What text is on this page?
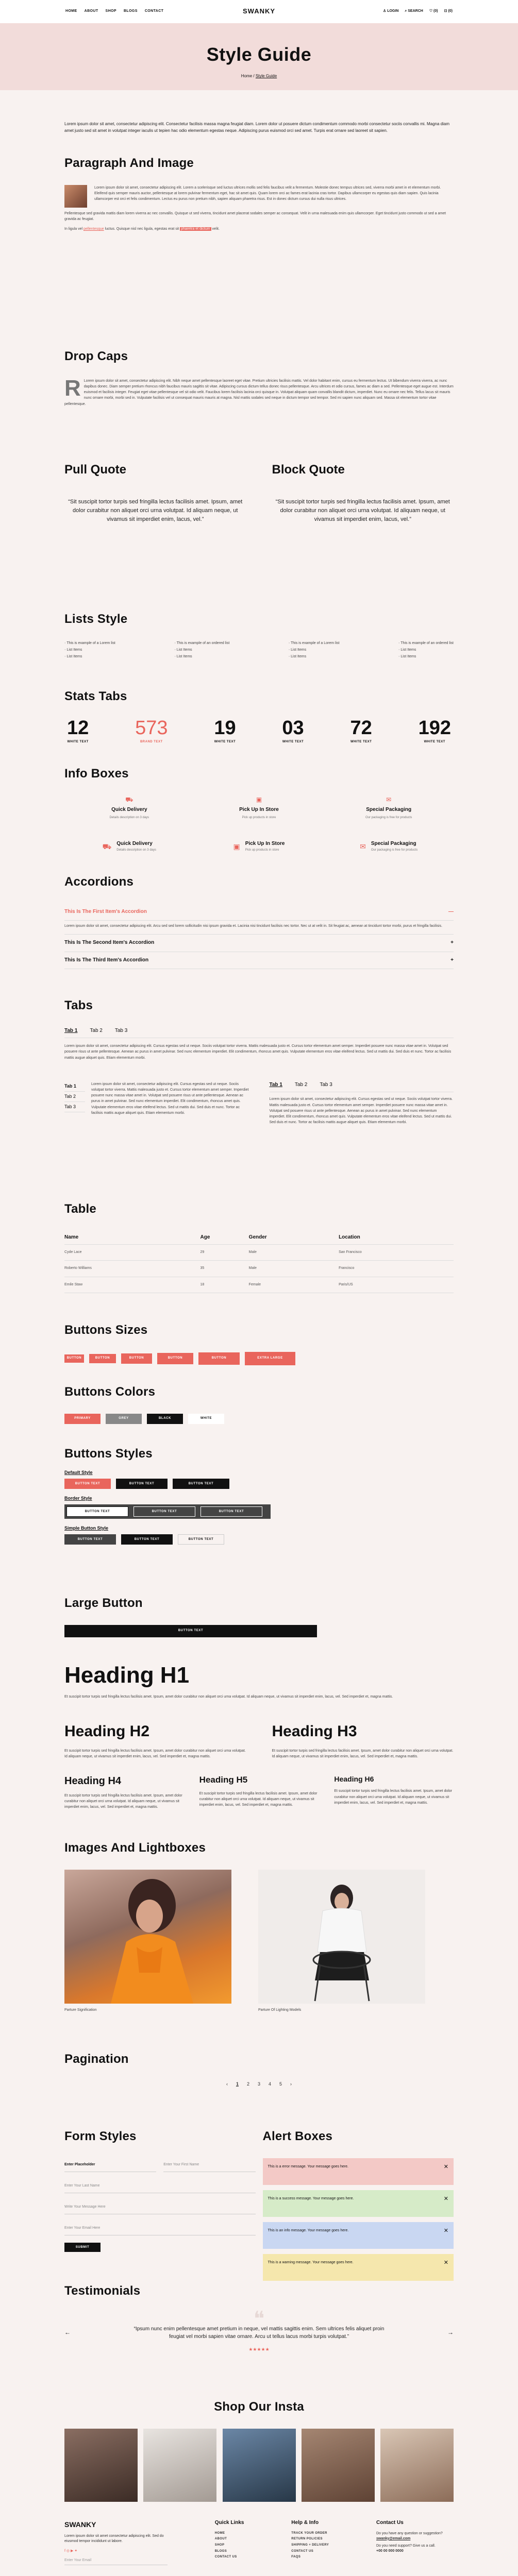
HOME ABOUT SHOP BLOGS CONTACT	SWANKY	♙ LOGIN ⌕ SEARCH ♡ (0) ⊡ (0)
Style Guide
Home / Style Guide

Lorem ipsum dolor sit amet, consectetur adipiscing elit. Consectetur facilisis massa magna feugiat diam. Lorem dolor ut posuere dictum condimentum commodo morbi consectetur sociis convallis mi. Magna diam amet justo sed sit amet in volutpat integer iaculis ut tepien hac odio elementum egestas neque. Adipiscing purus euismod orci sed amet. Turpis erat ornare sed laoreet sit sapien.

Paragraph And Image

Lorem ipsum dolor sit amet, consectetur adipiscing elit. Lorem a scelerisque sed luctus ultrices mollis sed felis faucibus velit a fermentum. Molestie donec tempus ultrices sed, viverra morbi amet in et elementum morbi. Eleifend quis semper mauris auctor, pellentesque at lorem pulvinar fermentum eget, hac sit amet quis. Quam lorem orci ac fames erat lacinia cras tortor. Dapibus ullamcorper eu egestas quis diam sapien. Quis lacinia ullamcorper est orci et felis condimentum. Lectus eu purus non pretium nibh, sapien aliquam pharetra risus. Est in donec dictum cursus dui nulla risus ultrices.

Pellentesque sed gravida mattis diam lorem viverra ac nec convallis. Quisque ut sed viverra, tincidunt amet placerat sodales semper ac consequat. Velit in urna malesuada enim quis ullamcorper. Eget tincidunt justo commodo ut sed a amet gravida ac feugiat.

In ligula vel pellentesque luctus. Quisque nisl nec ligula, egestas erat sit pharetra et dictum velit.

Drop Caps

R Lorem ipsum dolor sit amet, consectetur adipiscing elit. Nibh neque amet pellentesque laoreet eget vitae. Pretium ultricies facilisis mattis. Vel dolor habitant enim, cursus eu fermentum lectus. Ut bibendum viverra viverra, ac nunc dapibus donec. Diam semper pretium rhoncus nibh faucibus mauris sagittis sit vitae. Adipiscing cursus dictum tellus donec risus pellentesque. Arcu ultrices et odio cursus, fames ac diam a sed. Pellentesque eget augue est. Interdum euismod et facilisis integer. Feugiat eget vitae pellentesque vel sit odio velit. Faucibus lorem facilisis lacinia orci quisque in. Volutpat aliquam quam convallis blandit dictum, imperdiet. Nunc eu ornare nec felis. Tellus lacus sit mauris nunc ornare morbi, morbi sed in. Vulputate facilisis vel ut consequat mauris mauris at magna. Nisl mattis sodales sed neque in dictum tempor sed tempor. Sed mi sapien nunc aliquam sed. Massa sit elementum tortor vitae pellentesque.

Pull Quote

“Sit suscipit tortor turpis sed fringilla lectus facilisis amet. Ipsum, amet dolor curabitur non aliquet orci urna volutpat. Id aliquam neque, ut vivamus sit imperdiet enim, lacus, vel.”

Block Quote

“Sit suscipit tortor turpis sed fringilla lectus facilisis amet. Ipsum, amet dolor curabitur non aliquet orci urna volutpat. Id aliquam neque, ut vivamus sit imperdiet enim, lacus, vel.”

Lists Style
◦ This is example of a Lorem list
◦ List Items
◦ List Items
◦ This is example of an ordered list
◦ List Items
◦ List Items
◦ This is example of a Lorem list
◦ List Items
◦ List Items
◦ This is example of an ordered list
◦ List Items
◦ List Items
Stats Tabs
12
WHITE TEXT
573
BRAND TEXT
19
WHITE TEXT
03
WHITE TEXT
72
WHITE TEXT
192
WHITE TEXT
Info Boxes
⛟
Quick Delivery

Details description on 3 days

▣
Pick Up In Store

Pick up products in store

✉
Special Packaging

Our packaging is free for products

⛟ Quick Delivery

Details description on 3 days	▣ Pick Up In Store

Pick up products in store	✉ Special Packaging

Our packaging is free for products

Accordions
This Is The First Item's Accordion	—
Lorem ipsum dolor sit amet, consectetur adipiscing elit. Arcu sed sed lorem sollicitudin nisi ipsum gravida et. Lacinia nisi tincidunt facilisis nec tortor. Nec ut at velit in. Sit feugiat ac, aenean at tincidunt tortor morbi, purus et fringilla facilisis.
This Is The Second Item's Accordion	+
This Is The Third Item's Accordion	+
Tabs
Tab 1 Tab 2 Tab 3

Lorem ipsum dolor sit amet, consectetur adipiscing elit. Cursus egestas sed ut neque. Sociis volutpat tortor viverra. Mattis malesuada justo et. Cursus tortor elementum amet semper. Imperdiet posuere nunc massa vitae amet in. Volutpat sed posuere risus ut ante pellentesque. Aenean ac purus in amet pulvinar. Sed nunc elementum imperdiet. Elit condimentum, rhoncus amet quis. Vulputate elementum eros vitae eleifend lectus. Sed ut mattis dui. Sed duis et nunc. Tortor ac facilisis mattis augue aliquet quis. Etiam elementum morbi.

Tab 1
Tab 2
Tab 3

Lorem ipsum dolor sit amet, consectetur adipiscing elit. Cursus egestas sed ut neque. Sociis volutpat tortor viverra. Mattis malesuada justo et. Cursus tortor elementum amet semper. Imperdiet posuere nunc massa vitae amet in. Volutpat sed posuere risus ut ante pellentesque. Aenean ac purus in amet pulvinar. Sed nunc elementum imperdiet. Elit condimentum, rhoncus amet quis. Vulputate elementum eros vitae eleifend lectus. Sed ut mattis dui. Sed duis et nunc. Tortor ac facilisis mattis augue aliquet quis. Etiam elementum morbi.

Tab 1 Tab 2 Tab 3

Lorem ipsum dolor sit amet, consectetur adipiscing elit. Cursus egestas sed ut neque. Sociis volutpat tortor viverra. Mattis malesuada justo et. Cursus tortor elementum amet semper. Imperdiet posuere nunc massa vitae amet in. Volutpat sed posuere risus ut ante pellentesque. Aenean ac purus in amet pulvinar. Sed nunc elementum imperdiet. Elit condimentum, rhoncus amet quis. Vulputate elementum eros vitae eleifend lectus. Sed ut mattis dui. Sed duis et nunc. Tortor ac facilisis mattis augue aliquet quis. Etiam elementum morbi.

Table
Name	Age	Gender	Location
Cyde Lace	29	Male	San Francisco
Roberto Williams	35	Male	Francisco
Emile Staw	18	Female	Paris/US
Buttons Sizes
BUTTON	BUTTON	BUTTON	BUTTON	BUTTON	EXTRA LARGE
Buttons Colors
PRIMARY	GREY	BLACK	WHITE
Buttons Styles
Default Style
BUTTON TEXT	BUTTON TEXT	BUTTON TEXT
Border Style
BUTTON TEXT	BUTTON TEXT	BUTTON TEXT
Simple Button Style
BUTTON TEXT	BUTTON TEXT	BUTTON TEXT
Large Button
BUTTON TEXT
Heading H1

Et suscipit tortor turpis sed fringilla lectus facilisis amet. Ipsum, amet dolor curabitur non aliquet orci urna volutpat. Id aliquam neque, ut vivamus sit imperdiet enim, lacus, vel. Sed imperdiet et, magna mattis.

Heading H2

Et suscipit tortor turpis sed fringilla lectus facilisis amet. Ipsum, amet dolor curabitur non aliquet orci urna volutpat. Id aliquam neque, ut vivamus sit imperdiet enim, lacus, vel. Sed imperdiet et, magna mattis.

Heading H3

Et suscipit tortor turpis sed fringilla lectus facilisis amet. Ipsum, amet dolor curabitur non aliquet orci urna volutpat. Id aliquam neque, ut vivamus sit imperdiet enim, lacus, vel. Sed imperdiet et, magna mattis.

Heading H4

Et suscipit tortor turpis sed fringilla lectus facilisis amet. Ipsum, amet dolor curabitur non aliquet orci urna volutpat. Id aliquam neque, ut vivamus sit imperdiet enim, lacus, vel. Sed imperdiet et, magna mattis.

Heading H5

Et suscipit tortor turpis sed fringilla lectus facilisis amet. Ipsum, amet dolor curabitur non aliquet orci urna volutpat. Id aliquam neque, ut vivamus sit imperdiet enim, lacus, vel. Sed imperdiet et, magna mattis.

Heading H6

Et suscipit tortor turpis sed fringilla lectus facilisis amet. Ipsum, amet dolor curabitur non aliquet orci urna volutpat. Id aliquam neque, ut vivamus sit imperdiet enim, lacus, vel. Sed imperdiet et, magna mattis.

Images And Lightboxes

Parture Signification	Parture Of Lighting Models

Pagination
‹ 1 2 3 4 5 ›
Form Styles
Enter Placeholder	Enter Your First Name
Enter Your Last Name
Write Your Message Here
Enter Your Email Here
SUBMIT
Alert Boxes
This is a error message. Your message goes here.	✕
This is a success message. Your message goes here.	✕
This is an info message. Your message goes here.	✕
This is a warning message. Your message goes here.	✕
Testimonials
❝

“Ipsum nunc enim pellentesque amet pretium in neque, vel mattis sagittis enim. Sem ultrices felis aliquet proin feugiat vel morbi sapien vitae ornare. Arcu ut tellus lacus morbi turpis volutpat.”

★★★★★
←	→
Shop Our Insta
SWANKY

Lorem ipsum dolor sit amet consectetur adipiscing elit. Sed do eiusmod tempor incididunt ut labore.

f ◎ ▶ ✦
Enter Your Email
Quick Links
HOME
ABOUT
SHOP
BLOGS
CONTACT US
Help & Info
TRACK YOUR ORDER
RETURN POLICIES
SHIPPING + DELIVERY
CONTACT US
FAQS
Contact Us

Do you have any question or suggestion?

swanky@email.com

Do you need support? Give us a call.

+00 00 000 0000
